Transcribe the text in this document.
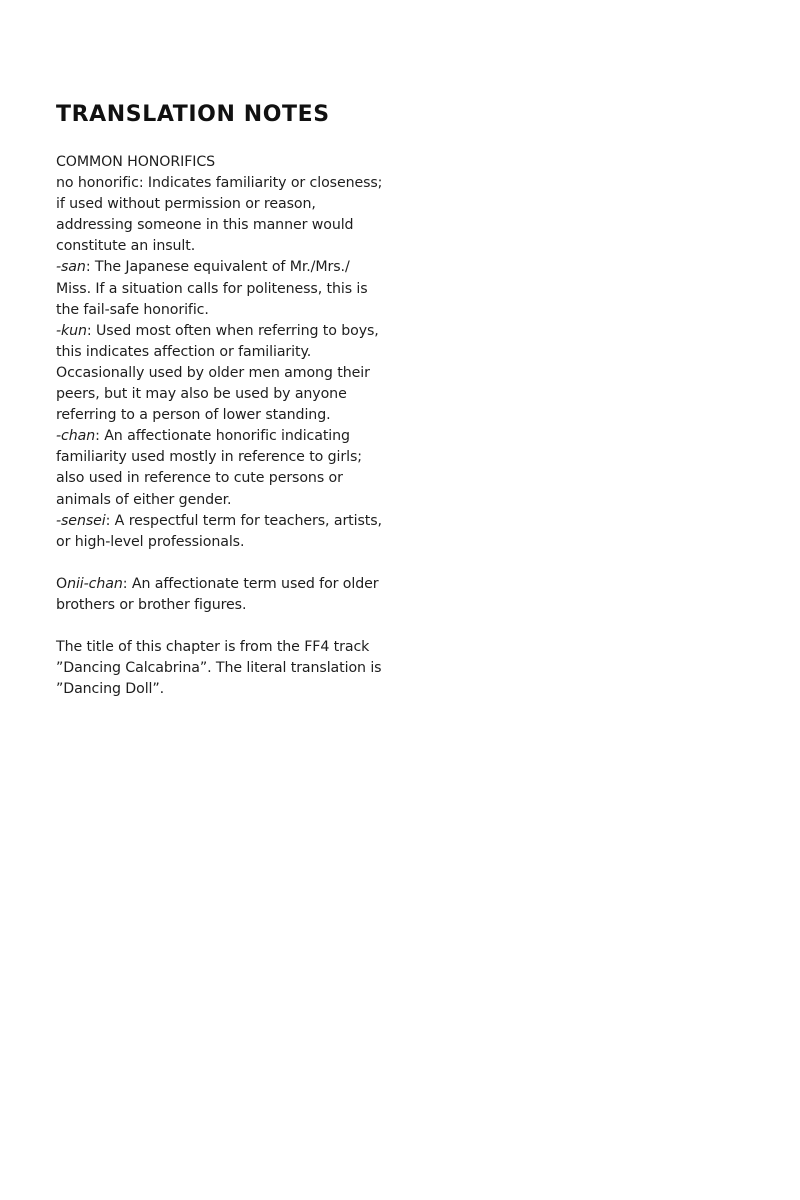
TRANSLATION NOTES

COMMON HONORIFICS

no honorific: Indicates familiarity or closeness; if used without permission or reason, addressing someone in this manner would constitute an insult.

-san: The Japanese equivalent of Mr./Mrs./ Miss. If a situation calls for politeness, this is the fail-safe honorific.

-kun: Used most often when referring to boys, this indicates affection or familiarity. Occasionally used by older men among their peers, but it may also be used by anyone referring to a person of lower standing.

-chan: An affectionate honorific indicating familiarity used mostly in reference to girls; also used in reference to cute persons or animals of either gender.

-sensei: A respectful term for teachers, artists, or high-level professionals.

Onii-chan: An affectionate term used for older brothers or brother figures.

The title of this chapter is from the FF4 track ”Dancing Calcabrina”. The literal translation is ”Dancing Doll”.
